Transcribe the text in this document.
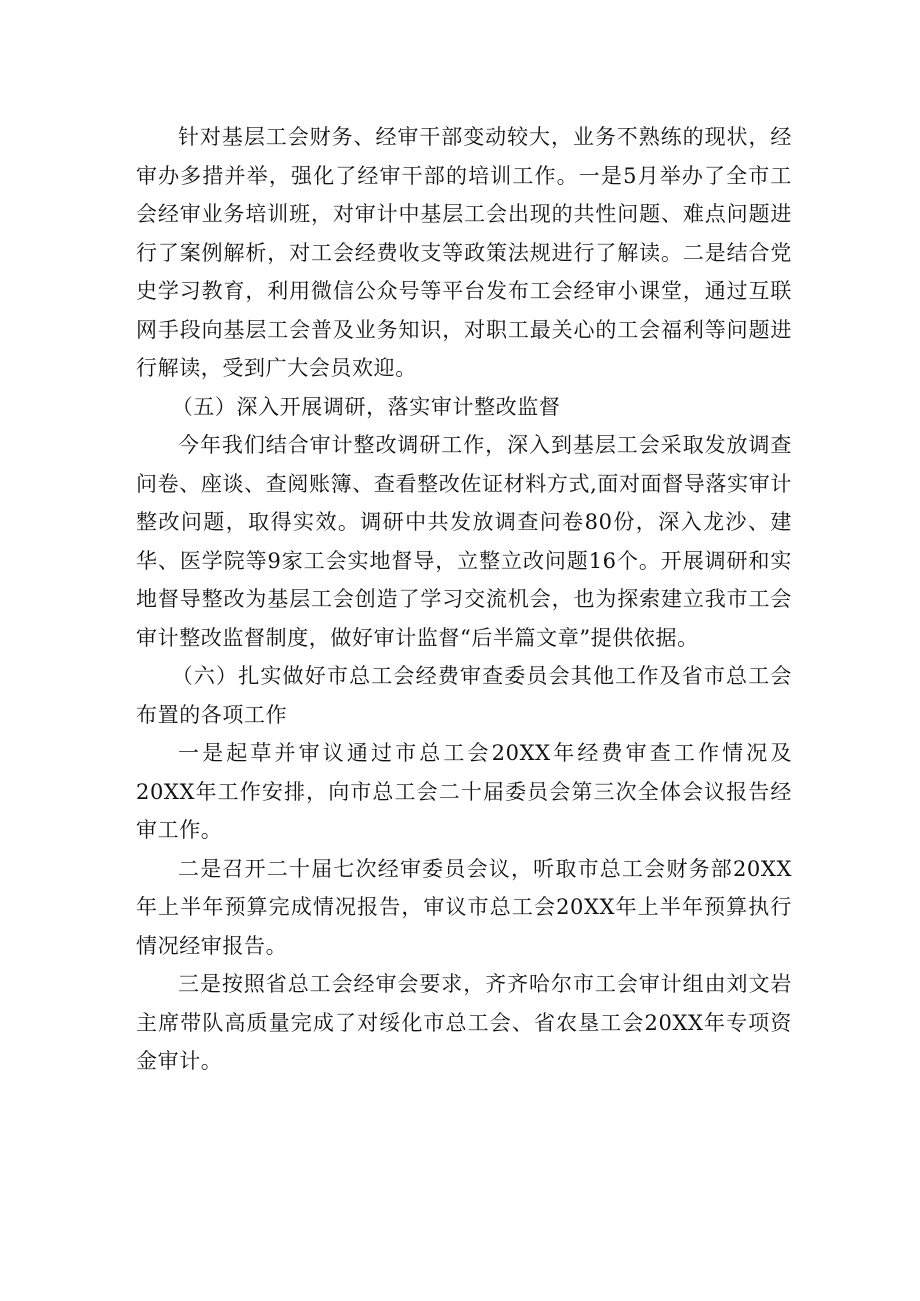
针对基层工会财务、经审干部变动较大，业务不熟练的现状，经审办多措并举，强化了经审干部的培训工作。一是5月举办了全市工会经审业务培训班，对审计中基层工会出现的共性问题、难点问题进行了案例解析，对工会经费收支等政策法规进行了解读。二是结合党史学习教育，利用微信公众号等平台发布工会经审小课堂，通过互联网手段向基层工会普及业务知识，对职工最关心的工会福利等问题进行解读，受到广大会员欢迎。

（五）深入开展调研，落实审计整改监督

今年我们结合审计整改调研工作，深入到基层工会采取发放调查问卷、座谈、查阅账簿、查看整改佐证材料方式,面对面督导落实审计整改问题，取得实效。调研中共发放调查问卷80份，深入龙沙、建华、医学院等9家工会实地督导，立整立改问题16个。开展调研和实地督导整改为基层工会创造了学习交流机会，也为探索建立我市工会审计整改监督制度，做好审计监督“后半篇文章”提供依据。

（六）扎实做好市总工会经费审查委员会其他工作及省市总工会布置的各项工作

一是起草并审议通过市总工会20XX年经费审查工作情况及20XX年工作安排，向市总工会二十届委员会第三次全体会议报告经审工作。

二是召开二十届七次经审委员会议，听取市总工会财务部20XX年上半年预算完成情况报告，审议市总工会20XX年上半年预算执行情况经审报告。

三是按照省总工会经审会要求，齐齐哈尔市工会审计组由刘文岩主席带队高质量完成了对绥化市总工会、省农垦工会20XX年专项资金审计。
